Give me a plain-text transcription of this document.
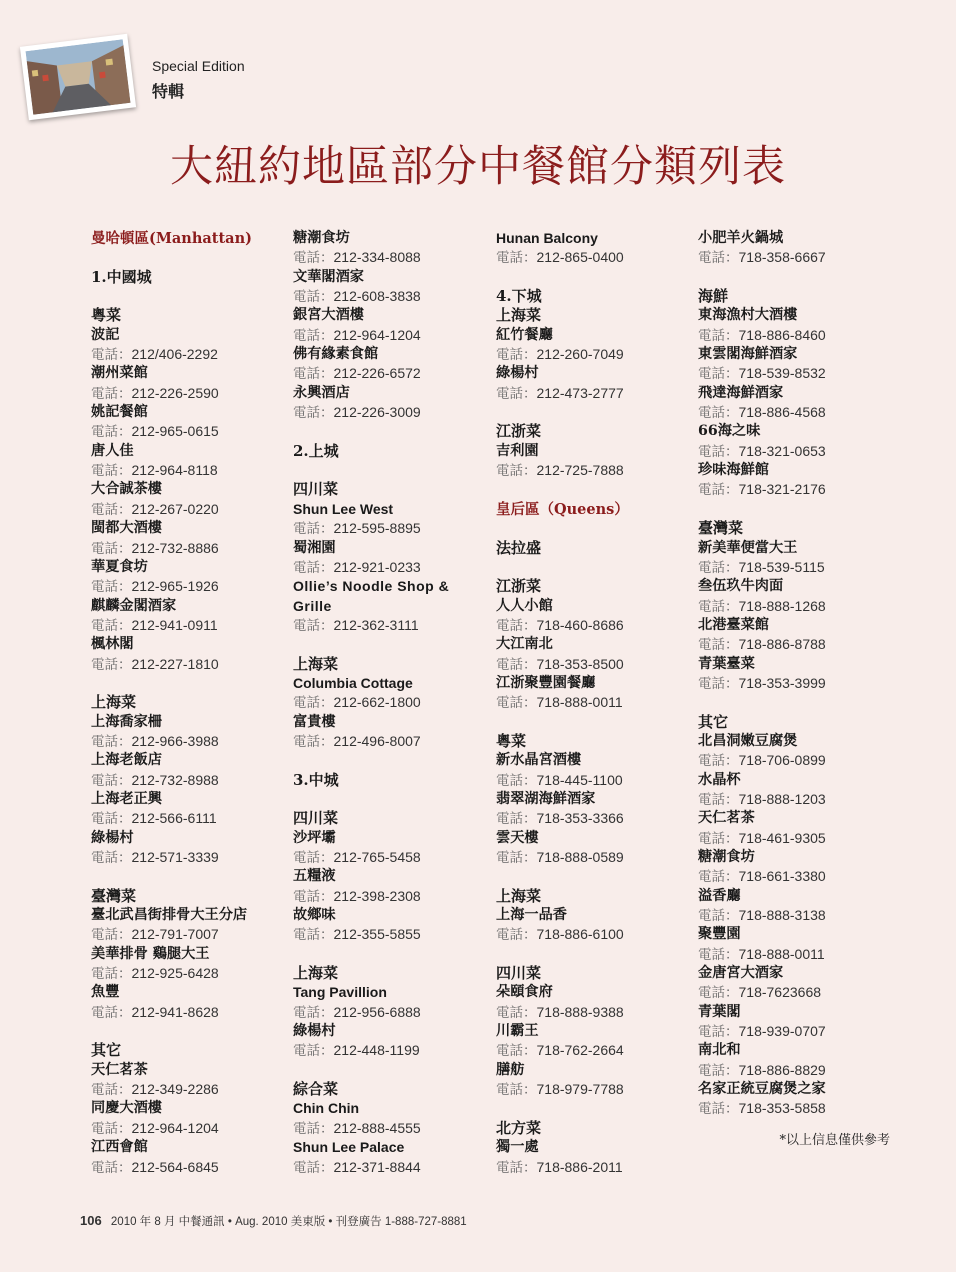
Special Edition
特輯
大紐約地區部分中餐館分類列表

曼哈頓區(Manhattan)

1.中國城

粵菜

波記

電話：212/406-2292

潮州菜館

電話：212-226-2590

姚記餐館

電話：212-965-0615

唐人佳

電話：212-964-8118

大合誠茶樓

電話：212-267-0220

閩都大酒樓

電話：212-732-8886

華夏食坊

電話：212-965-1926

麒麟金閣酒家

電話：212-941-0911

楓林閣

電話：212-227-1810

上海菜

上海喬家柵

電話：212-966-3988

上海老飯店

電話：212-732-8988

上海老正興

電話：212-566-6111

綠楊村

電話：212-571-3339

臺灣菜

臺北武昌街排骨大王分店

電話：212-791-7007

美華排骨 鷄腿大王

電話：212-925-6428

魚豐

電話：212-941-8628

其它

天仁茗茶

電話：212-349-2286

同慶大酒樓

電話：212-964-1204

江西會館

電話：212-564-6845

糖潮食坊

電話：212-334-8088

文華閣酒家

電話：212-608-3838

銀宮大酒樓

電話：212-964-1204

佛有緣素食館

電話：212-226-6572

永興酒店

電話：212-226-3009

2.上城

四川菜

Shun Lee West

電話：212-595-8895

蜀湘園

電話：212-921-0233

Ollie’s Noodle Shop & Grille

電話：212-362-3111

上海菜

Columbia Cottage

電話：212-662-1800

富貴樓

電話：212-496-8007

3.中城

四川菜

沙坪壩

電話：212-765-5458

五糧液

電話：212-398-2308

故鄉味

電話：212-355-5855

上海菜

Tang Pavillion

電話：212-956-6888

綠楊村

電話：212-448-1199

綜合菜

Chin Chin

電話：212-888-4555

Shun Lee Palace

電話：212-371-8844

Hunan Balcony

電話：212-865-0400

4.下城

上海菜

紅竹餐廳

電話：212-260-7049

綠楊村

電話：212-473-2777

江浙菜

吉利園

電話：212-725-7888

皇后區（Queens）

法拉盛

江浙菜

人人小館

電話：718-460-8686

大江南北

電話：718-353-8500

江浙聚豐園餐廳

電話：718-888-0011

粵菜

新水晶宮酒樓

電話：718-445-1100

翡翠湖海鮮酒家

電話：718-353-3366

雲天樓

電話：718-888-0589

上海菜

上海一品香

電話：718-886-6100

四川菜

朵頤食府

電話：718-888-9388

川霸王

電話：718-762-2664

膳舫

電話：718-979-7788

北方菜

獨一處

電話：718-886-2011

小肥羊火鍋城

電話：718-358-6667

海鮮

東海漁村大酒樓

電話：718-886-8460

東雲閣海鮮酒家

電話：718-539-8532

飛達海鮮酒家

電話：718-886-4568

66海之味

電話：718-321-0653

珍味海鮮館

電話：718-321-2176

臺灣菜

新美華便當大王

電話：718-539-5115

叁伍玖牛肉面

電話：718-888-1268

北港臺菜館

電話：718-886-8788

青葉臺菜

電話：718-353-3999

其它

北昌洞嫩豆腐煲

電話：718-706-0899

水晶杯

電話：718-888-1203

天仁茗茶

電話：718-461-9305

糖潮食坊

電話：718-661-3380

溢香廳

電話：718-888-3138

聚豐園

電話：718-888-0011

金唐宮大酒家

電話：718-7623668

青葉閣

電話：718-939-0707

南北和

電話：718-886-8829

名家正統豆腐煲之家

電話：718-353-5858

*以上信息僅供參考

106 2010 年 8 月 中餐通訊 • Aug. 2010 美東版 • 刊登廣告 1-888-727-8881
